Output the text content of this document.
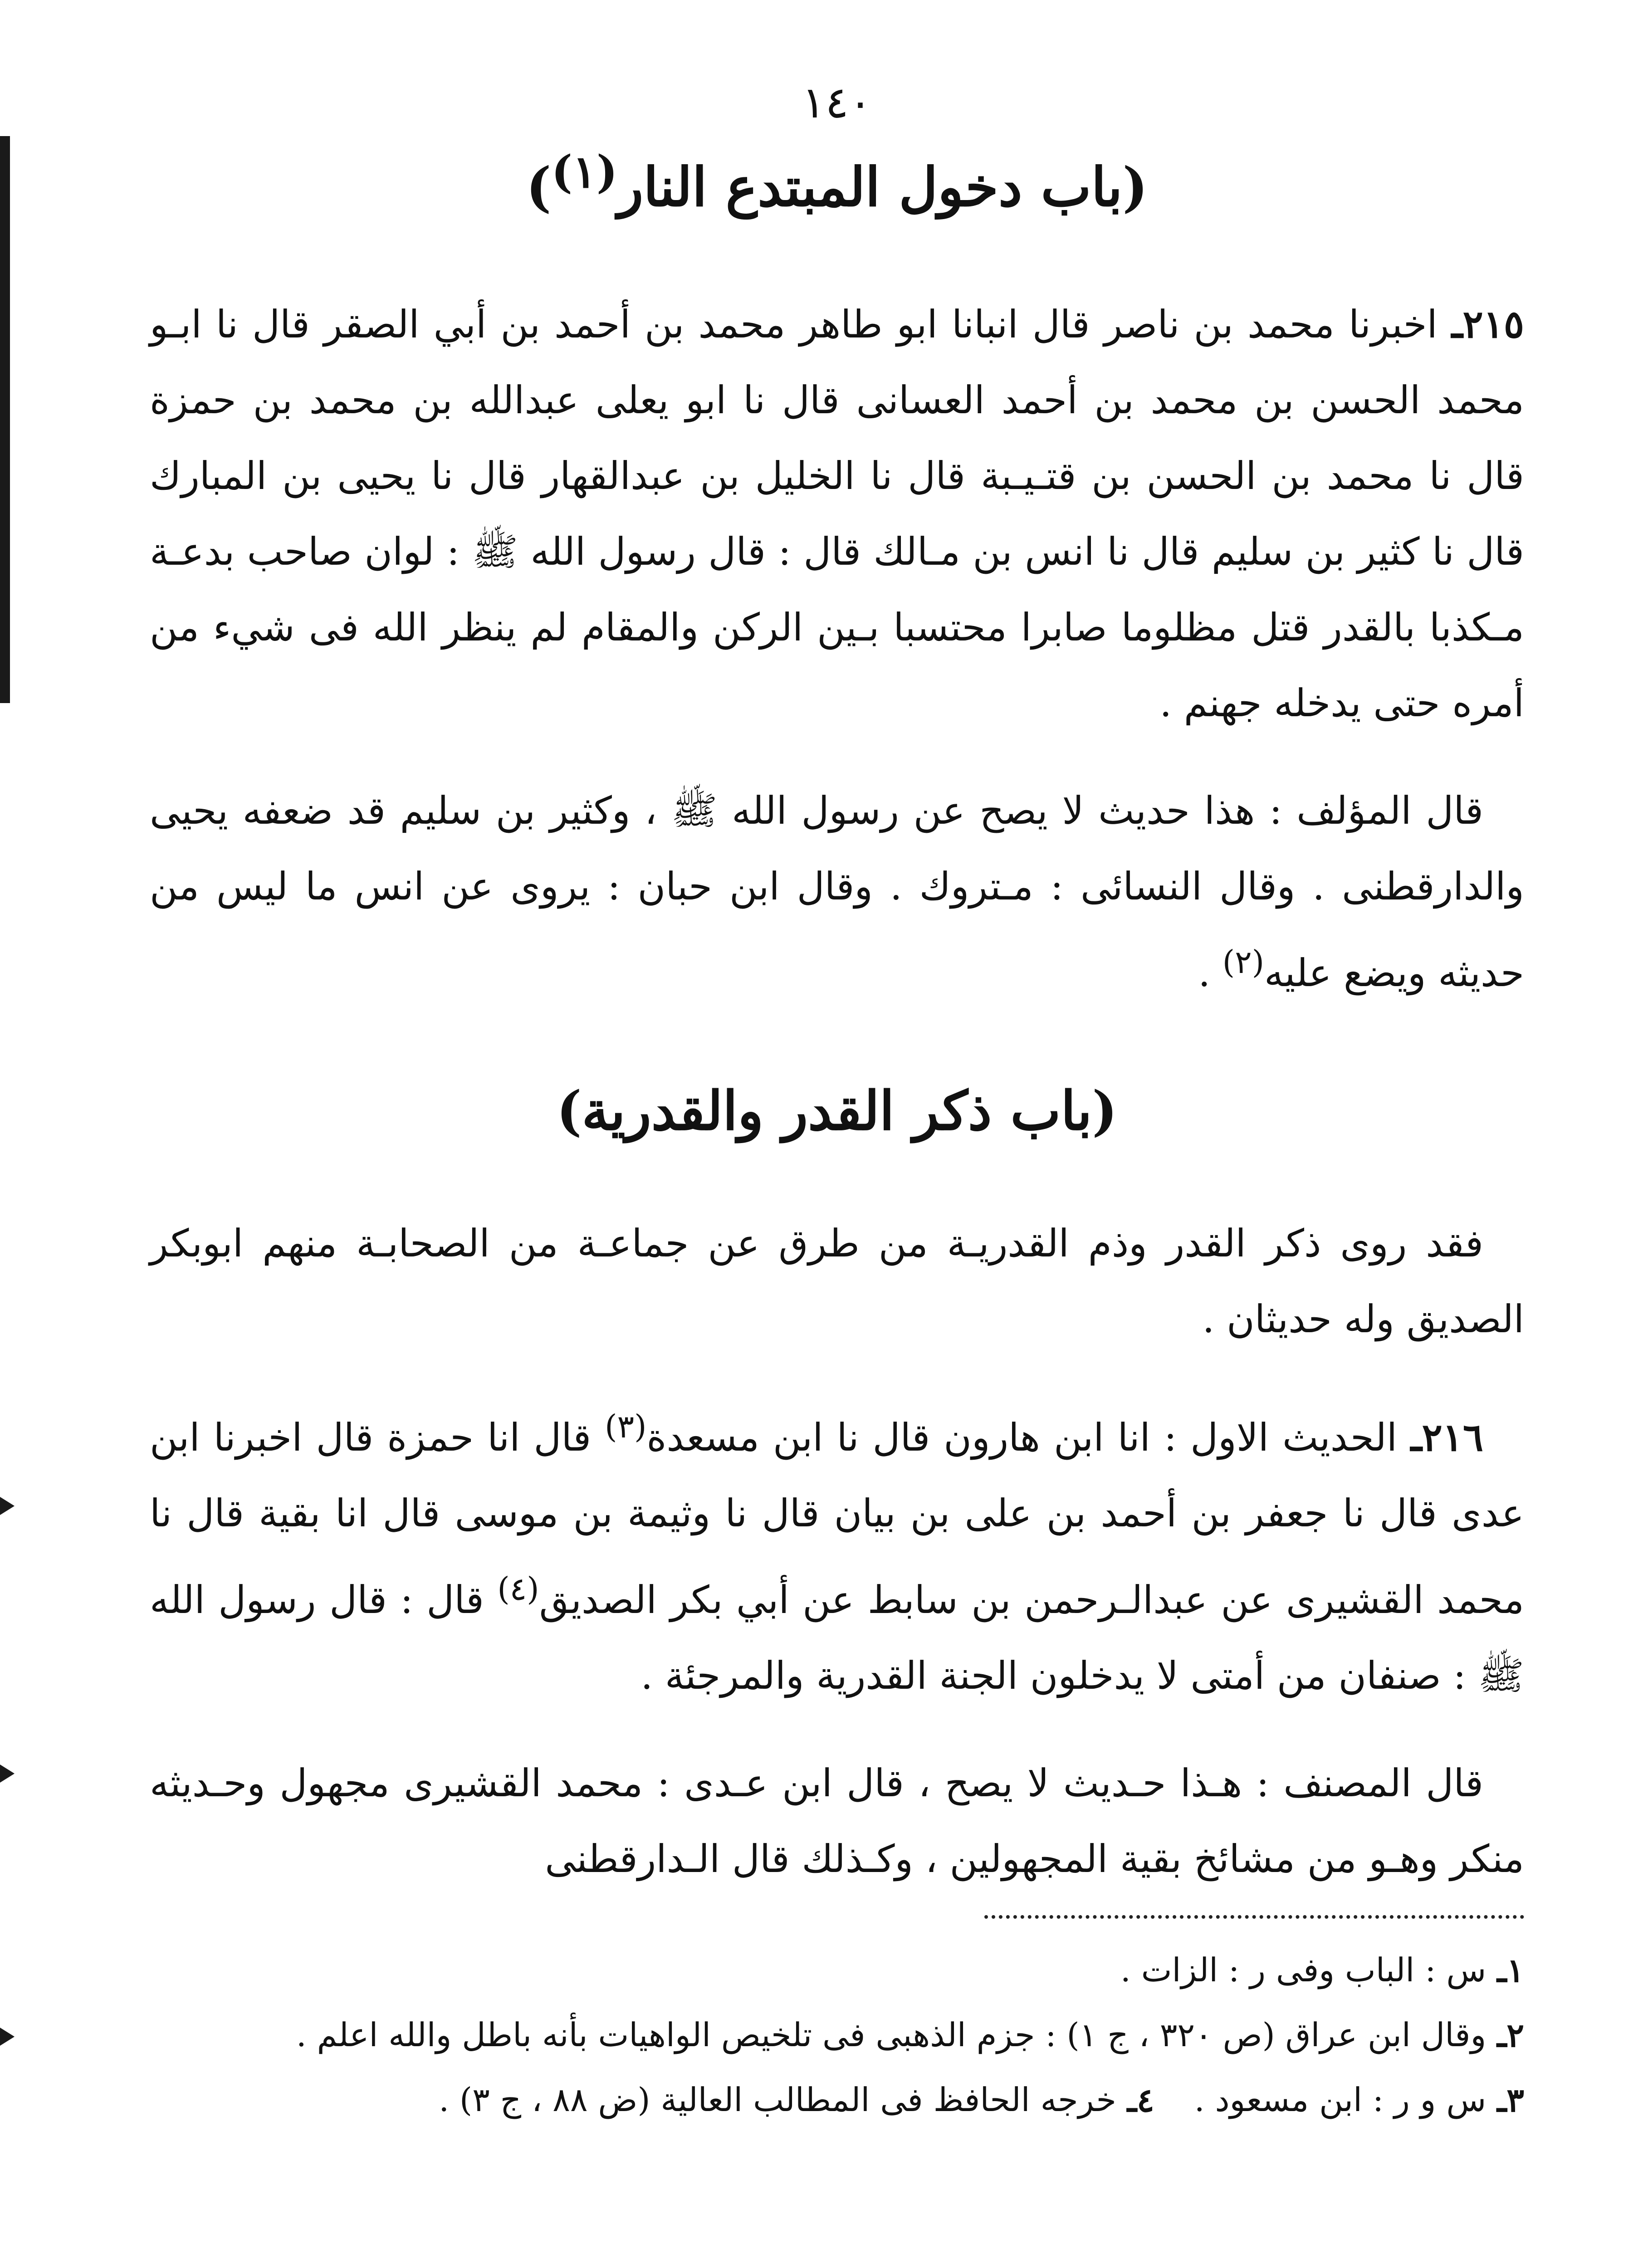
١٤٠
(باب دخول المبتدع النار$^{(١)}$)

٢١٥ـ اخبرنا محمد بن ناصر قال انبانا ابو طاهر محمد بن أحمد بن أبي الصقر قال نا ابـو محمد الحسن بن محمد بن أحمد العسانى قال نا ابو يعلى عبدالله بن محمد بن حمزة قال نا محمد بن الحسن بن قتـيـبة قال نا الخليل بن عبدالقهار قال نا يحيى بن المبارك قال نا كثير بن سليم قال نا انس بن مـالك قال : قال رسول الله ﷺ : لوان صاحب بدعـة مـكذبا بالقدر قتل مظلوما صابرا محتسبا بـين الركن والمقام لم ينظر الله فى شيء من أمره حتى يدخله جهنم .

قال المؤلف : هذا حديث لا يصح عن رسول الله ﷺ ، وكثير بن سليم قد ضعفه يحيى والدارقطنى . وقال النسائى : مـتروك . وقال ابن حبان : يروى عن انس ما ليس من حديثه ويضع عليه$^{(٢)}$ .

(باب ذكر القدر والقدرية)

فقد روى ذكر القدر وذم القدريـة من طرق عن جماعـة من الصحابـة منهم ابوبكر الصديق وله حديثان .

٢١٦ـ الحديث الاول : انا ابن هارون قال نا ابن مسعدة$^{(٣)}$ قال انا حمزة قال اخبرنا ابن عدى قال نا جعفر بن أحمد بن على بن بيان قال نا وثيمة بن موسى قال انا بقية قال نا محمد القشيرى عن عبدالـرحمن بن سابط عن أبي بكر الصديق$^{(٤)}$ قال : قال رسول الله ﷺ : صنفان من أمتى لا يدخلون الجنة القدرية والمرجئة .

قال المصنف : هـذا حـديث لا يصح ، قال ابن عـدى : محمد القشيرى مجهول وحـديثه منكر وهـو من مشائخ بقية المجهولين ، وكـذلك قال الـدارقطنى

١ـ
س : الباب وفى ر : الزات .
٢ـ
وقال ابن عراق (ص ٣٢٠ ، ج ١) : جزم الذهبى فى تلخيص الواهيات بأنه باطل والله اعلم .
٣ـ
س و ر : ابن مسعود .
٤ـ
خرجه الحافظ فى المطالب العالية (ض ٨٨ ، ج ٣) .
